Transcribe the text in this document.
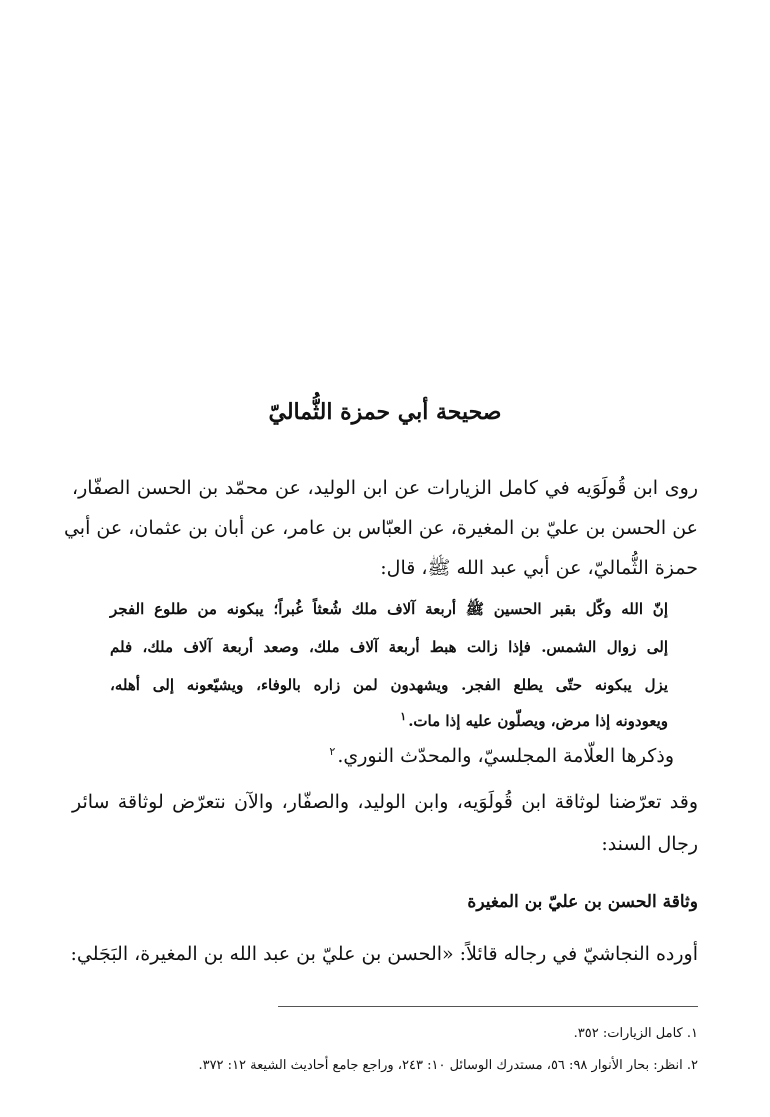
صحيحة أبي حمزة الثُّماليّ
روى ابن قُولَوَيه في كامل الزيارات عن ابن الوليد، عن محمّد بن الحسن الصفّار،
عن الحسن بن عليّ بن المغيرة، عن العبّاس بن عامر، عن أبان بن عثمان، عن أبي
حمزة الثُّماليّ، عن أبي عبد الله ﷺ، قال:
إنّ الله وكّل بقبر الحسين ﷺ أربعة آلاف ملك شُعثاً غُبراً؛ يبكونه من طلوع الفجر
إلى زوال الشمس. فإذا زالت هبط أربعة آلاف ملك، وصعد أربعة آلاف ملك، فلم
يزل يبكونه حتّى يطلع الفجر. ويشهدون لمن زاره بالوفاء، ويشيّعونه إلى أهله،
ويعودونه إذا مرض، ويصلّون عليه إذا مات.$^١$
وذكرها العلّامة المجلسيّ، والمحدّث النوري.$^٢$
وقد تعرّضنا لوثاقة ابن قُولَوَيه، وابن الوليد، والصفّار، والآن نتعرّض لوثاقة سائر
رجال السند:
وثاقة الحسن بن عليّ بن المغيرة
أورده النجاشيّ في رجاله قائلاً: «الحسن بن عليّ بن عبد الله بن المغيرة، البَجَلي:
١. كامل الزيارات: ٣٥٢.
٢. انظر: بحار الأنوار ٩٨: ٥٦، مستدرك الوسائل ١٠: ٢٤٣، وراجع جامع أحاديث الشيعة ١٢: ٣٧٢.
